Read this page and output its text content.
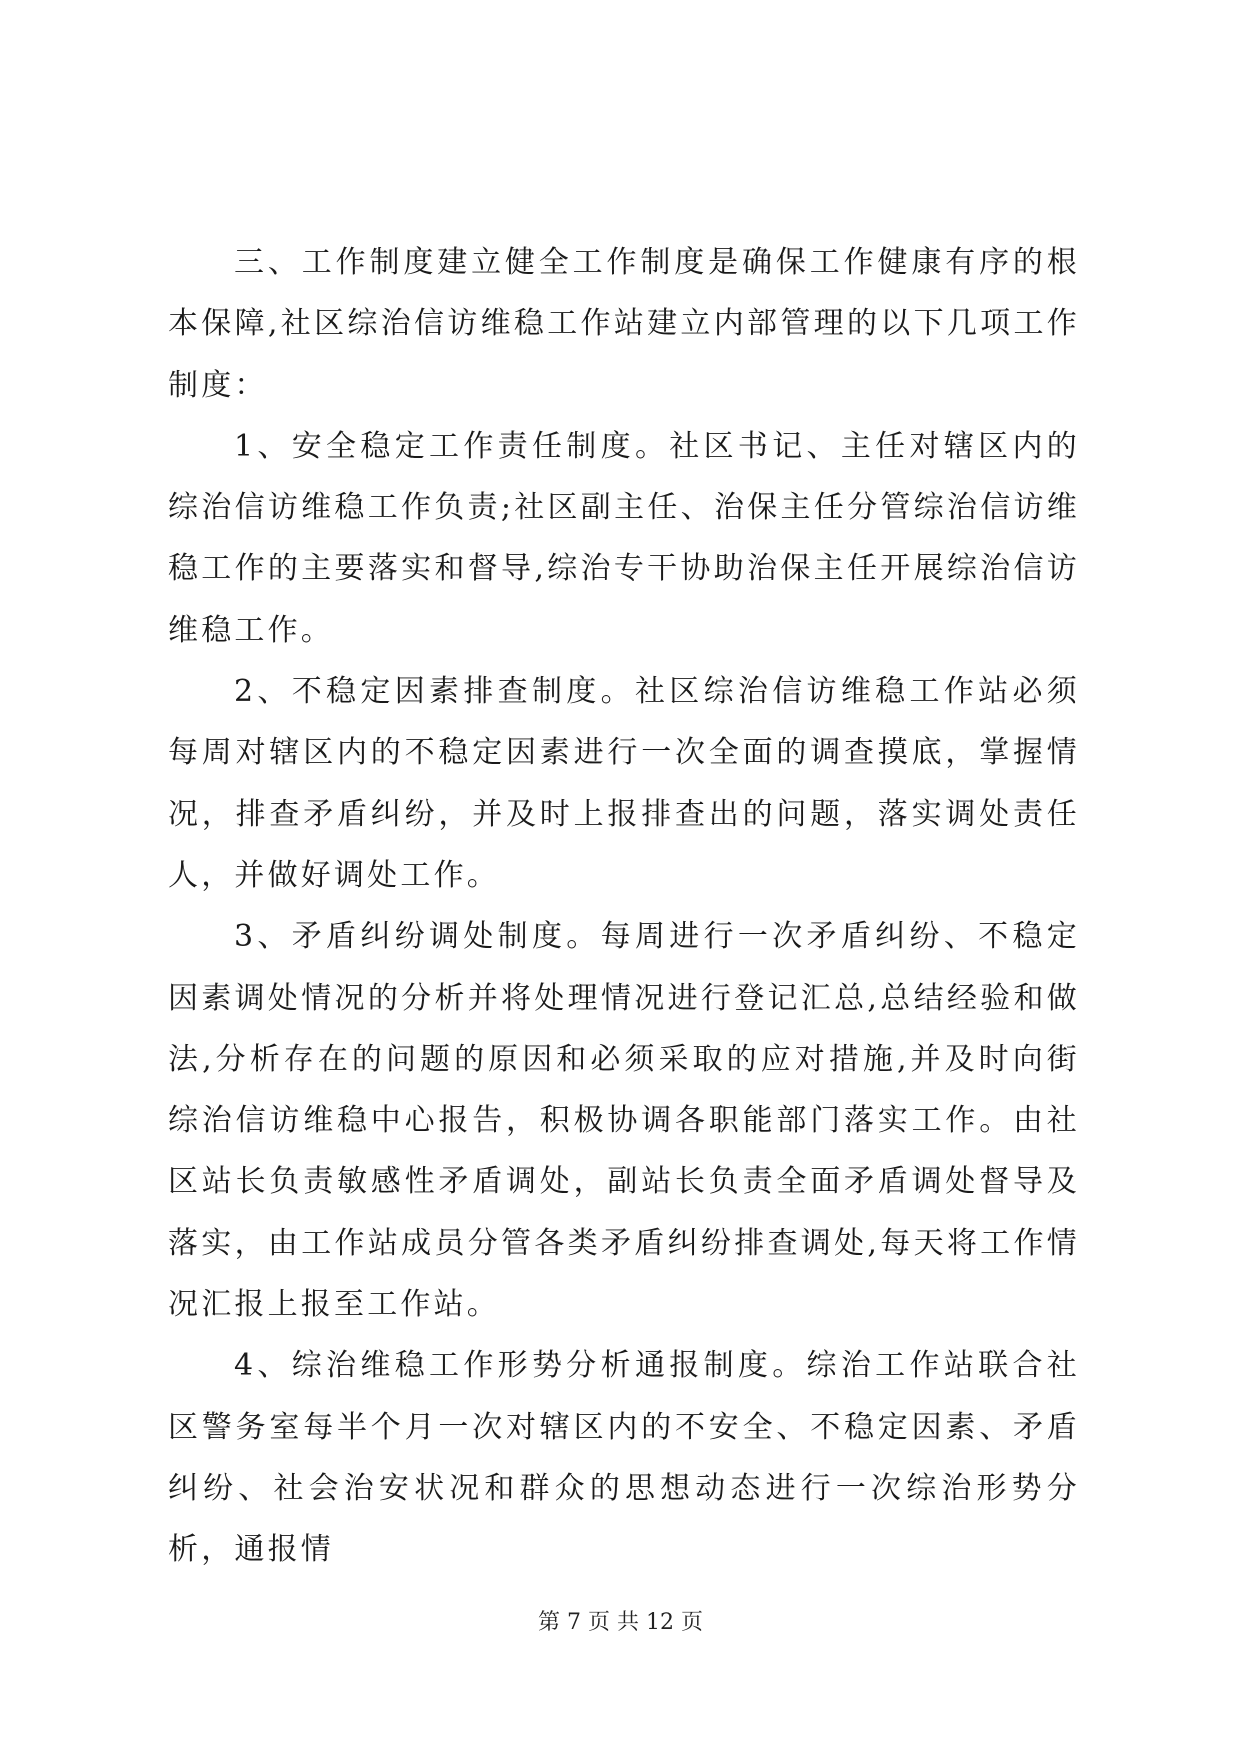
三、工作制度建立健全工作制度是确保工作健康有序的根本保障,社区综治信访维稳工作站建立内部管理的以下几项工作制度：

1、安全稳定工作责任制度。社区书记、主任对辖区内的综治信访维稳工作负责;社区副主任、治保主任分管综治信访维稳工作的主要落实和督导,综治专干协助治保主任开展综治信访维稳工作。

2、不稳定因素排查制度。社区综治信访维稳工作站必须每周对辖区内的不稳定因素进行一次全面的调查摸底，掌握情况，排查矛盾纠纷，并及时上报排查出的问题，落实调处责任人，并做好调处工作。

3、矛盾纠纷调处制度。每周进行一次矛盾纠纷、不稳定因素调处情况的分析并将处理情况进行登记汇总,总结经验和做法,分析存在的问题的原因和必须采取的应对措施,并及时向街综治信访维稳中心报告，积极协调各职能部门落实工作。由社区站长负责敏感性矛盾调处，副站长负责全面矛盾调处督导及落实，由工作站成员分管各类矛盾纠纷排查调处,每天将工作情况汇报上报至工作站。

4、综治维稳工作形势分析通报制度。综治工作站联合社区警务室每半个月一次对辖区内的不安全、不稳定因素、矛盾纠纷、社会治安状况和群众的思想动态进行一次综治形势分析，通报情

第 7 页 共 12 页
